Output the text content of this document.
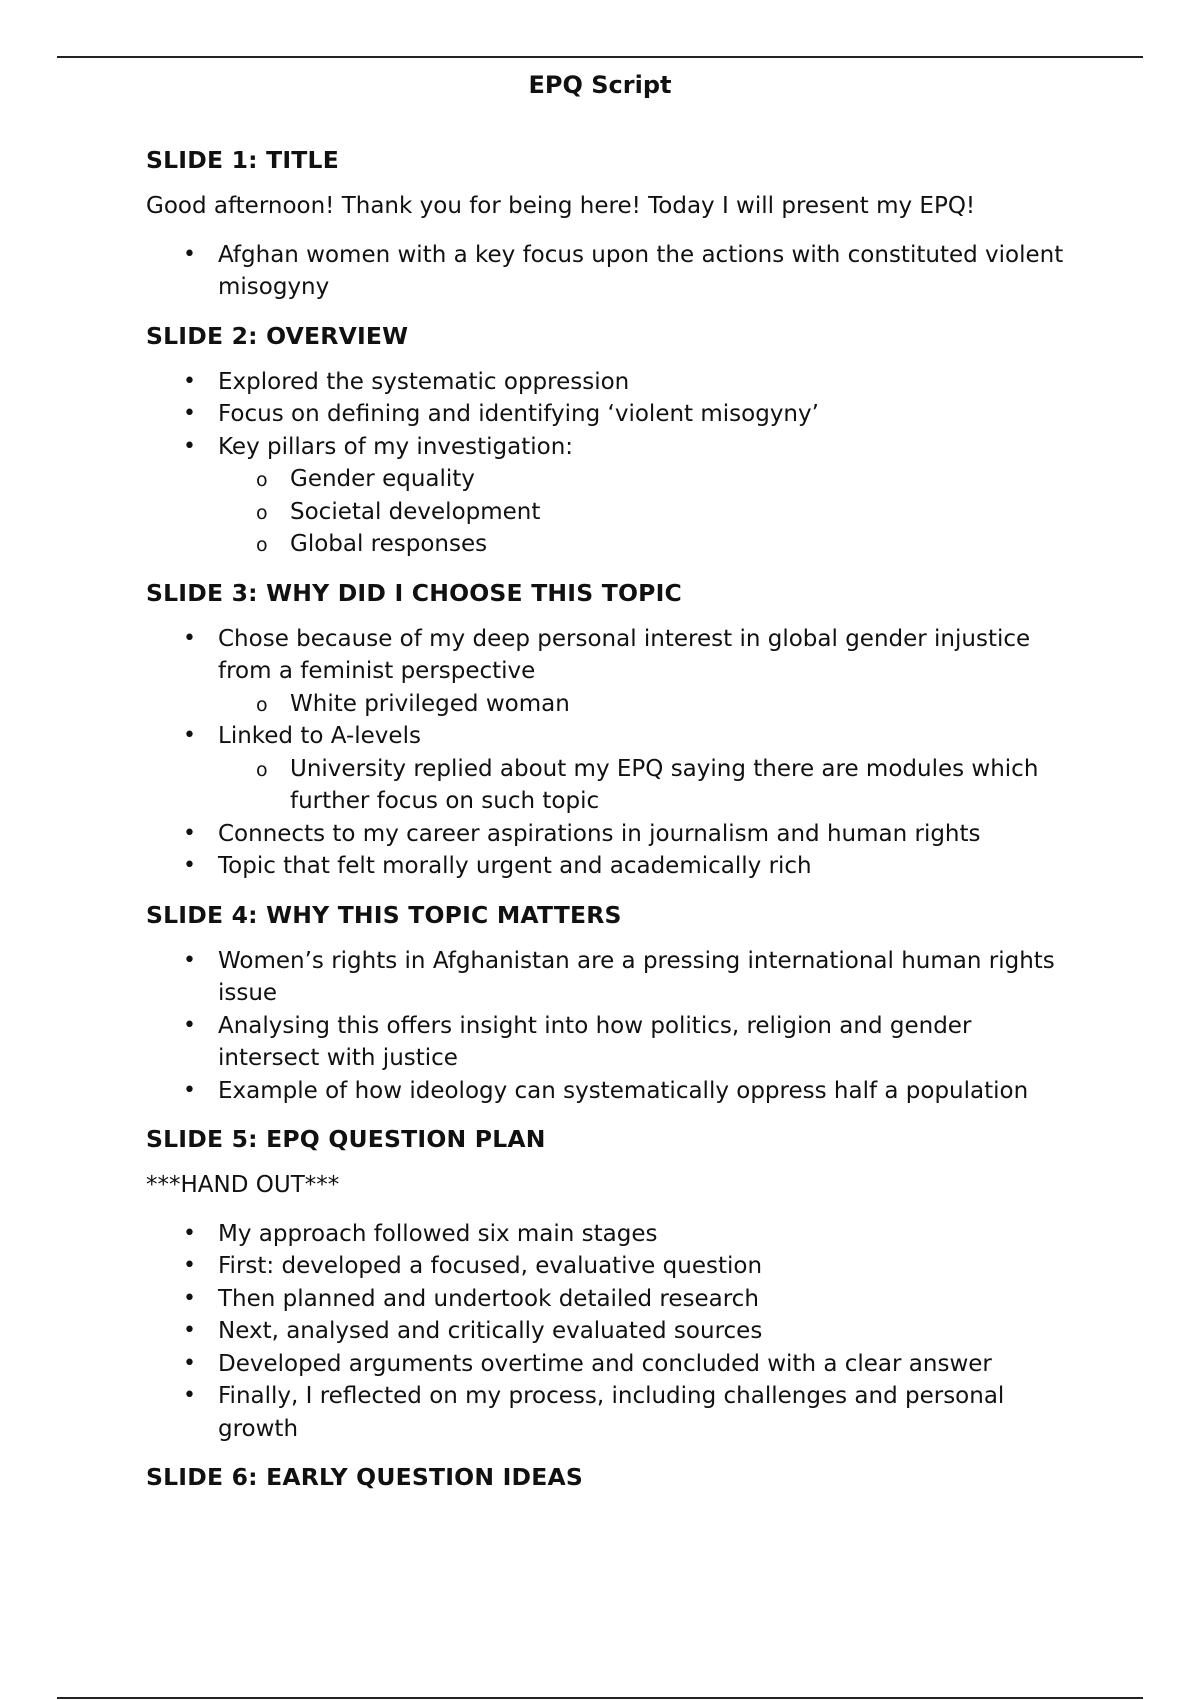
EPQ Script
SLIDE 1: TITLE
Good afternoon! Thank you for being here! Today I will present my EPQ!
• Afghan women with a key focus upon the actions with constituted violent misogyny
SLIDE 2: OVERVIEW
• Explored the systematic oppression
• Focus on defining and identifying ‘violent misogyny’
• Key pillars of my investigation:
o Gender equality
o Societal development
o Global responses
SLIDE 3: WHY DID I CHOOSE THIS TOPIC
• Chose because of my deep personal interest in global gender injustice from a feminist perspective
o White privileged woman
• Linked to A-levels
o University replied about my EPQ saying there are modules which further focus on such topic
• Connects to my career aspirations in journalism and human rights
• Topic that felt morally urgent and academically rich
SLIDE 4: WHY THIS TOPIC MATTERS
• Women’s rights in Afghanistan are a pressing international human rights issue
• Analysing this offers insight into how politics, religion and gender intersect with justice
• Example of how ideology can systematically oppress half a population
SLIDE 5: EPQ QUESTION PLAN
***HAND OUT***
• My approach followed six main stages
• First: developed a focused, evaluative question
• Then planned and undertook detailed research
• Next, analysed and critically evaluated sources
• Developed arguments overtime and concluded with a clear answer
• Finally, I reflected on my process, including challenges and personal growth
SLIDE 6: EARLY QUESTION IDEAS
